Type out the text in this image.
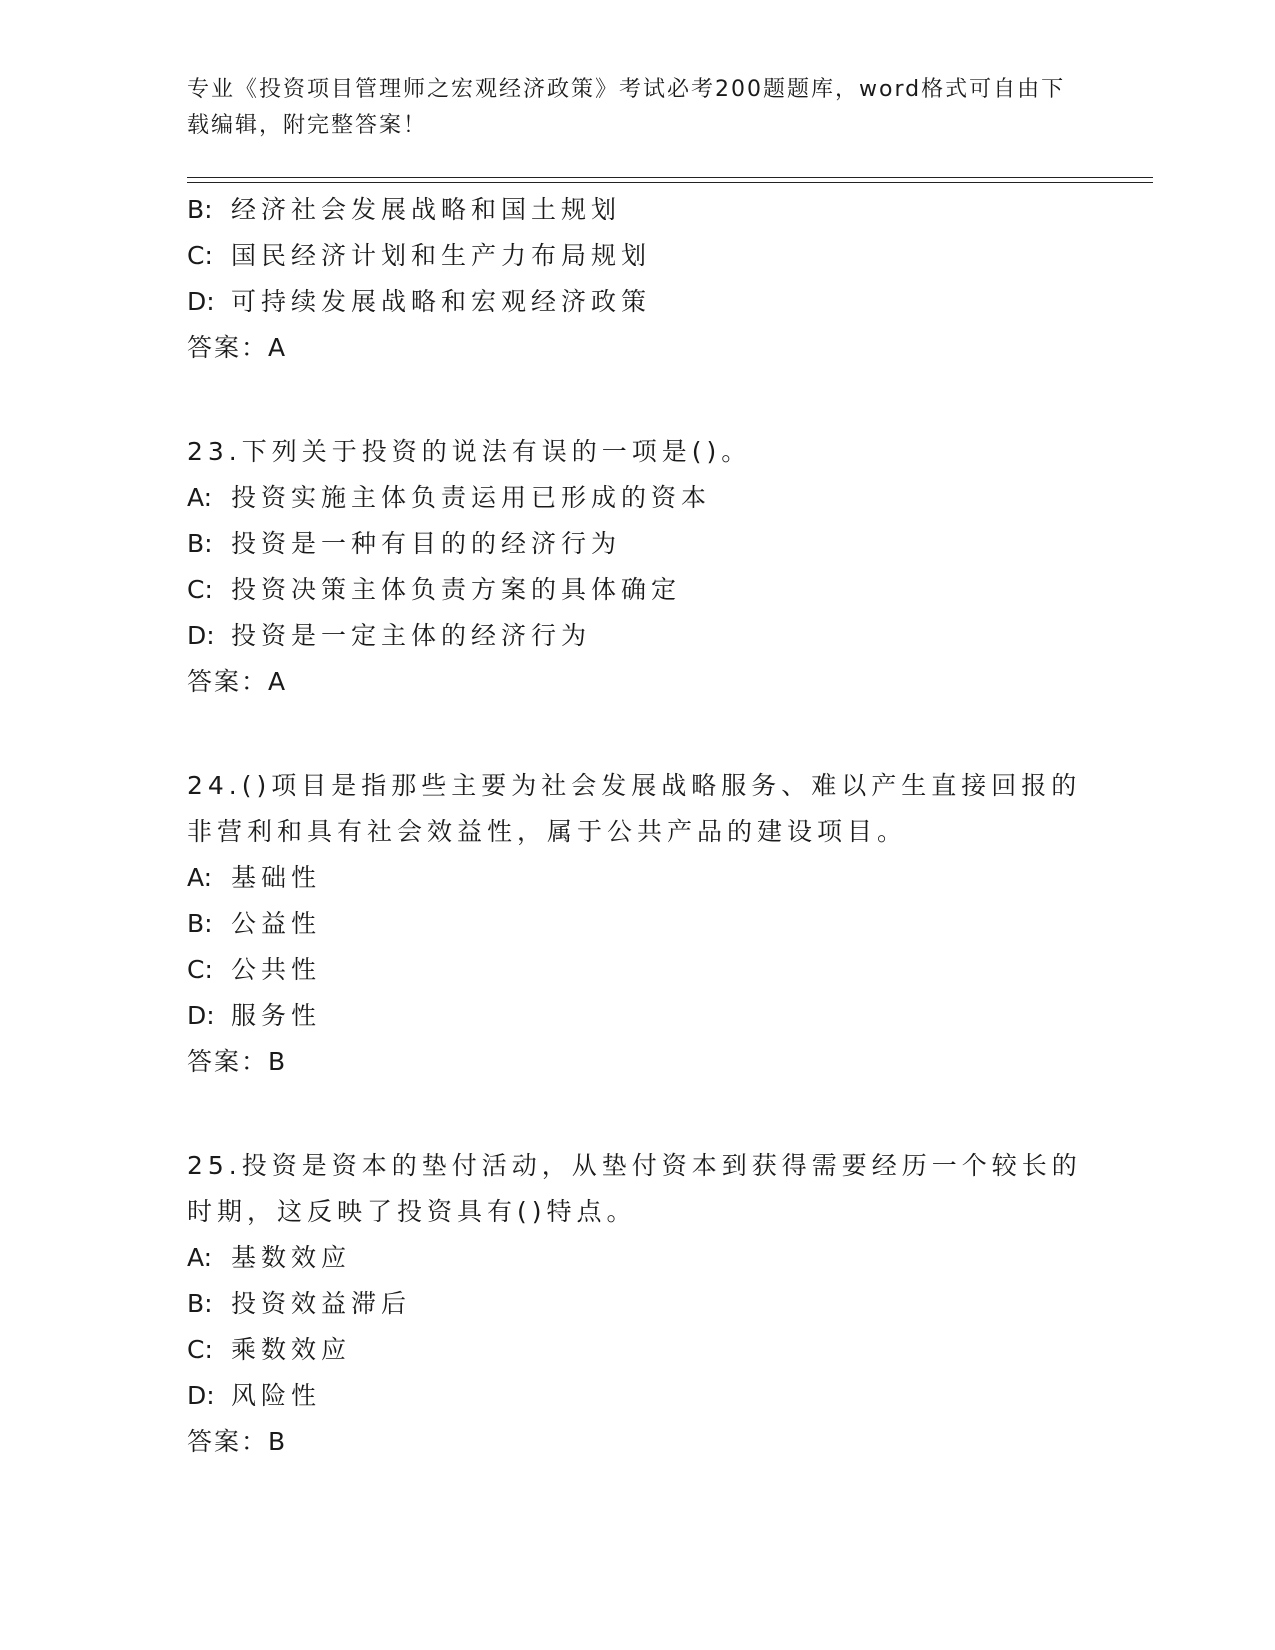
专业《投资项目管理师之宏观经济政策》考试必考200题题库，word格式可自由下载编辑，附完整答案！
B: 经济社会发展战略和国土规划
C: 国民经济计划和生产力布局规划
D: 可持续发展战略和宏观经济政策
答案：A
23.下列关于投资的说法有误的一项是()。
A: 投资实施主体负责运用已形成的资本
B: 投资是一种有目的的经济行为
C: 投资决策主体负责方案的具体确定
D: 投资是一定主体的经济行为
答案：A
24.()项目是指那些主要为社会发展战略服务、难以产生直接回报的非营利和具有社会效益性，属于公共产品的建设项目。
A: 基础性
B: 公益性
C: 公共性
D: 服务性
答案：B
25.投资是资本的垫付活动，从垫付资本到获得需要经历一个较长的时期，这反映了投资具有()特点。
A: 基数效应
B: 投资效益滞后
C: 乘数效应
D: 风险性
答案：B
